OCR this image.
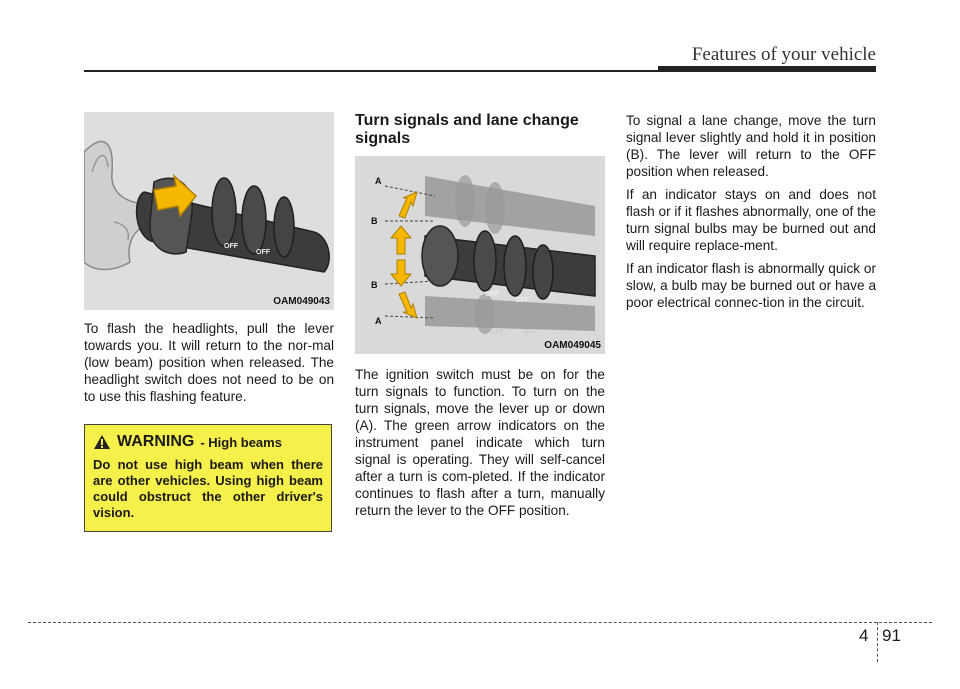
Features of your vehicle
OFF
OFF
OAM049043

To flash the headlights, pull the lever towards you. It will return to the nor-mal (low beam) position when released. The headlight switch does not need to be on to use this flashing feature.

WARNING - High beams
Do not use high beam when there are other vehicles. Using high beam could obstruct the other driver's vision.
Turn signals and lane change signals
A
B
B
A
OFF
OFF
OFF	OFF
OAM049045

The ignition switch must be on for the turn signals to function. To turn on the turn signals, move the lever up or down (A). The green arrow indicators on the instrument panel indicate which turn signal is operating. They will self-cancel after a turn is com-pleted. If the indicator continues to flash after a turn, manually return the lever to the OFF position.

To signal a lane change, move the turn signal lever slightly and hold it in position (B). The lever will return to the OFF position when released.

If an indicator stays on and does not flash or if it flashes abnormally, one of the turn signal bulbs may be burned out and will require replace-ment.

If an indicator flash is abnormally quick or slow, a bulb may be burned out or have a poor electrical connec-tion in the circuit.

4 91
